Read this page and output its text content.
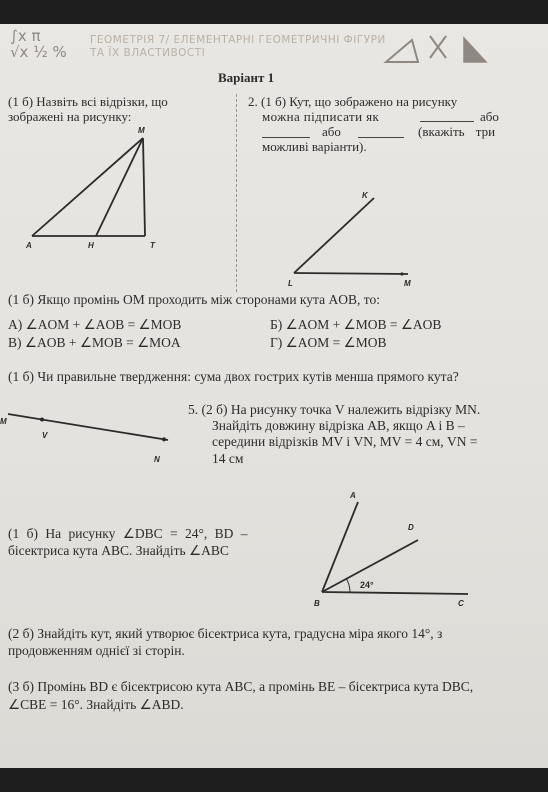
∫x π
√x ½ %
ГЕОМЕТРІЯ 7/ ЕЛЕМЕНТАРНІ ГЕОМЕТРИЧНІ ФІГУРИ
ТА ЇХ ВЛАСТИВОСТІ
Варіант 1
(1 б) Назвіть всі відрізки, що
зображені на рисунку:
M
A	H	T
2. (1 б) Кут, що зображено на рисунку
можна підписати як	або
або	(вкажіть три
можливі варіанти).
K
L	M
(1 б) Якщо промінь OM проходить між сторонами кута AOB, то:
А) ∠AOM + ∠AOB = ∠MOB	Б) ∠AOM + ∠MOB = ∠AOB
В) ∠AOB + ∠MOB = ∠MOA	Г) ∠AOM = ∠MOB
(1 б) Чи правильне твердження: сума двох гострих кутів менша прямого кута?
M
V
N
5. (2 б) На рисунку точка V належить відрізку MN.
Знайдіть довжину відрізка AB, якщо A і B –
середини відрізків MV і VN, MV = 4 см, VN =
14 см
(1 б) На рисунку ∠DBC = 24°, BD –
бісектриса кута ABC. Знайдіть ∠ABC
A
D
B	C
24°
(2 б) Знайдіть кут, який утворює бісектриса кута, градусна міра якого 14°, з
продовженням однієї зі сторін.
(3 б) Промінь BD є бісектрисою кута ABC, а промінь BE – бісектриса кута DBC,
∠CBE = 16°. Знайдіть ∠ABD.
